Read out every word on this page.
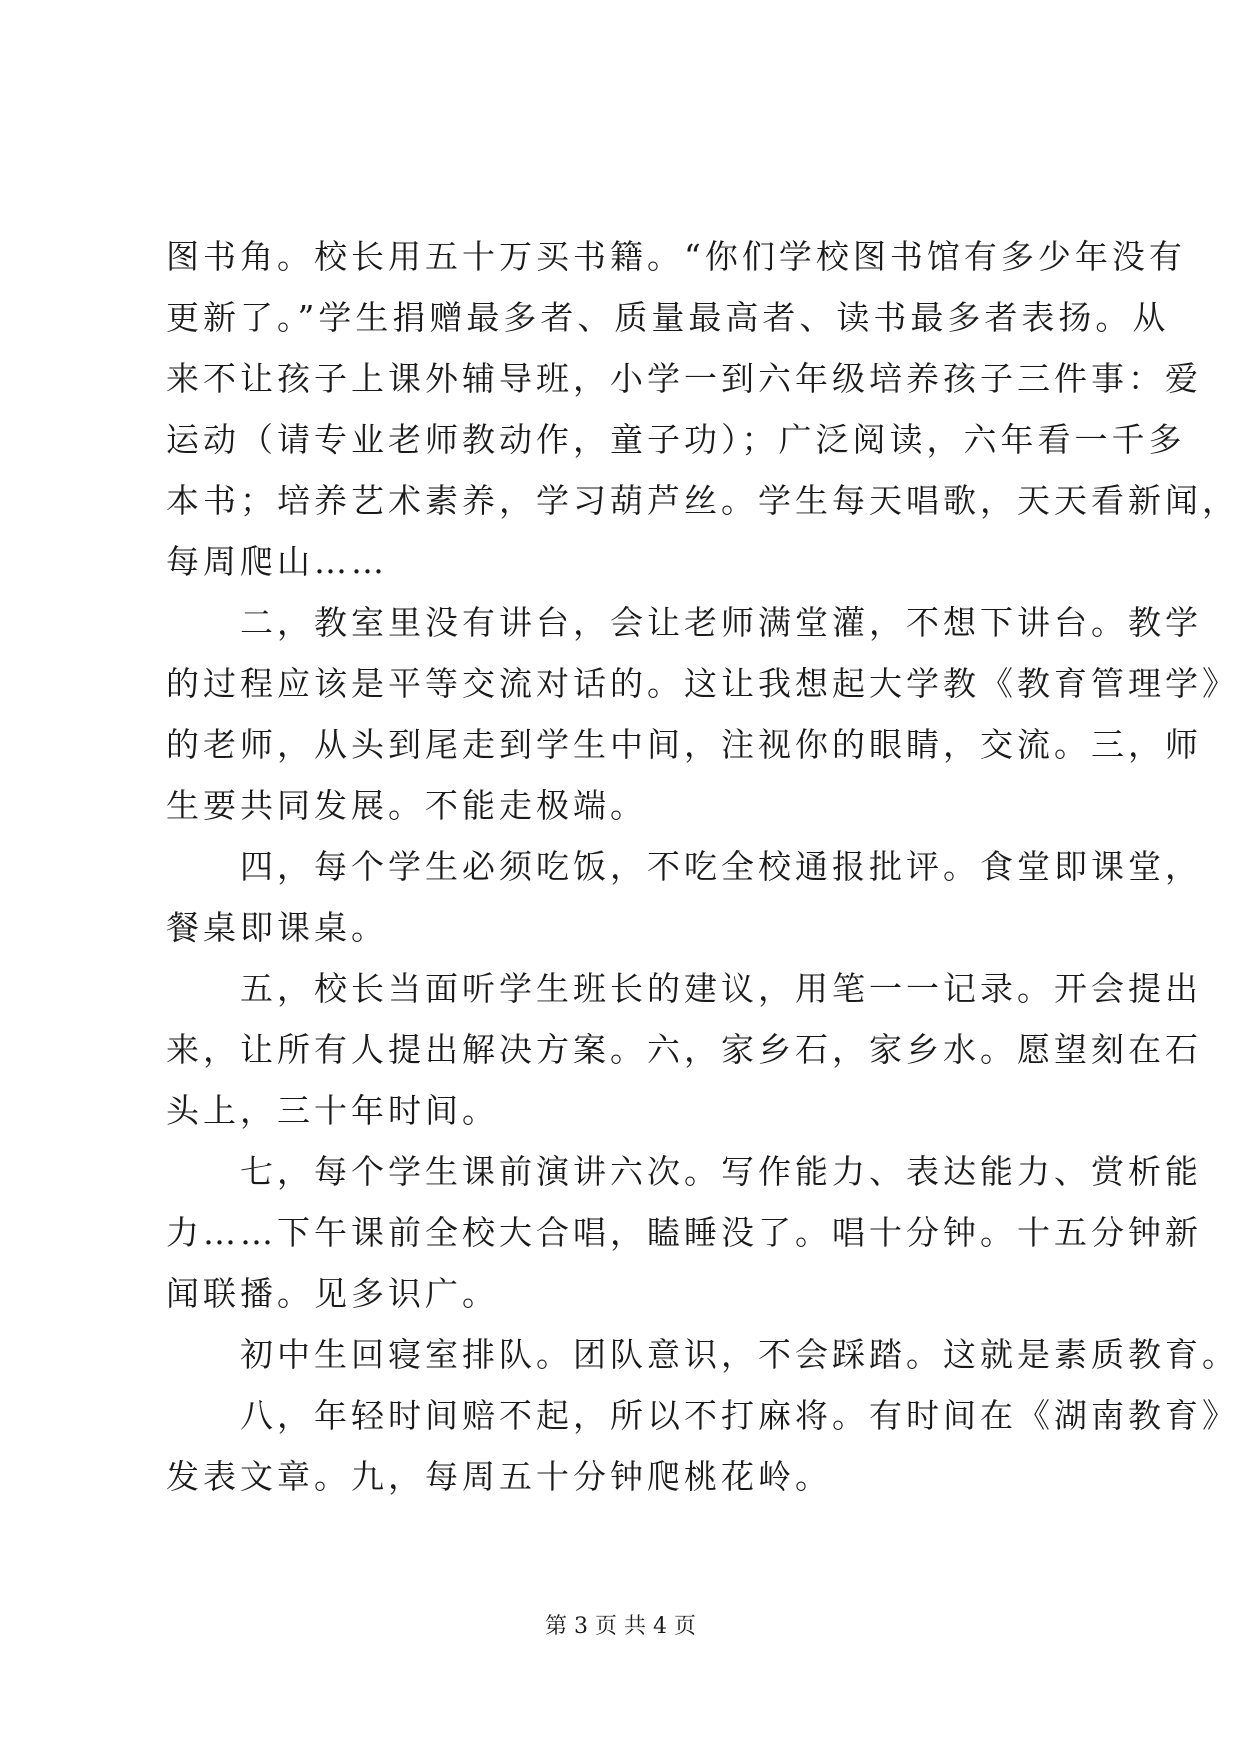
图书角。校长用五十万买书籍。“你们学校图书馆有多少年没有
更新了。”学生捐赠最多者、质量最高者、读书最多者表扬。从
来不让孩子上课外辅导班，小学一到六年级培养孩子三件事：爱
运动（请专业老师教动作，童子功）；广泛阅读，六年看一千多
本书；培养艺术素养，学习葫芦丝。学生每天唱歌，天天看新闻，
每周爬山……
　　二，教室里没有讲台，会让老师满堂灌，不想下讲台。教学
的过程应该是平等交流对话的。这让我想起大学教《教育管理学》
的老师，从头到尾走到学生中间，注视你的眼睛，交流。三，师
生要共同发展。不能走极端。
　　四，每个学生必须吃饭，不吃全校通报批评。食堂即课堂，
餐桌即课桌。
　　五，校长当面听学生班长的建议，用笔一一记录。开会提出
来，让所有人提出解决方案。六，家乡石，家乡水。愿望刻在石
头上，三十年时间。
　　七，每个学生课前演讲六次。写作能力、表达能力、赏析能
力……下午课前全校大合唱，瞌睡没了。唱十分钟。十五分钟新
闻联播。见多识广。
　　初中生回寝室排队。团队意识，不会踩踏。这就是素质教育。
　　八，年轻时间赔不起，所以不打麻将。有时间在《湖南教育》
发表文章。九，每周五十分钟爬桃花岭。
第 3 页 共 4 页
